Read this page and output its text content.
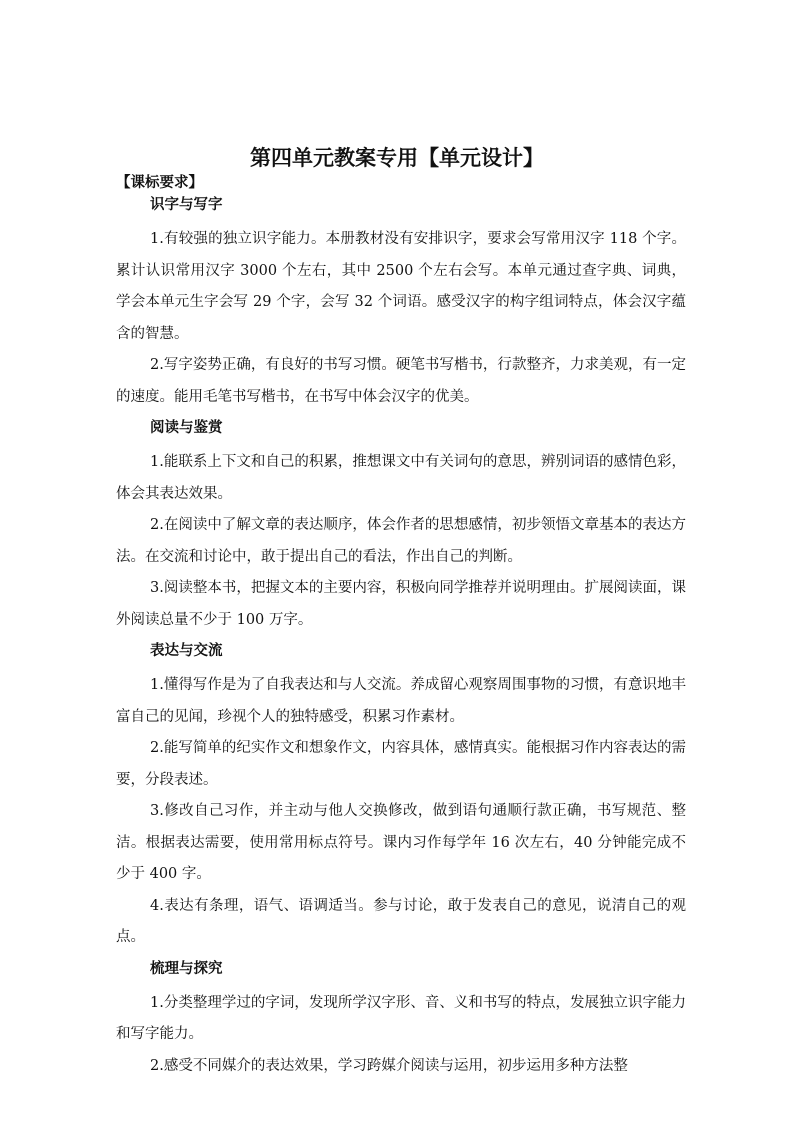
第四单元教案专用【单元设计】
【课标要求】
识字与写字

1.有较强的独立识字能力。本册教材没有安排识字，要求会写常用汉字 118 个字。累计认识常用汉字 3000 个左右，其中 2500 个左右会写。本单元通过查字典、词典，学会本单元生字会写 29 个字，会写 32 个词语。感受汉字的构字组词特点，体会汉字蕴含的智慧。

2.写字姿势正确，有良好的书写习惯。硬笔书写楷书，行款整齐，力求美观，有一定的速度。能用毛笔书写楷书，在书写中体会汉字的优美。

阅读与鉴赏

1.能联系上下文和自己的积累，推想课文中有关词句的意思，辨别词语的感情色彩，体会其表达效果。

2.在阅读中了解文章的表达顺序，体会作者的思想感情，初步领悟文章基本的表达方法。在交流和讨论中，敢于提出自己的看法，作出自己的判断。

3.阅读整本书，把握文本的主要内容，积极向同学推荐并说明理由。扩展阅读面，课外阅读总量不少于 100 万字。

表达与交流

1.懂得写作是为了自我表达和与人交流。养成留心观察周围事物的习惯，有意识地丰富自己的见闻，珍视个人的独特感受，积累习作素材。

2.能写简单的纪实作文和想象作文，内容具体，感情真实。能根据习作内容表达的需要，分段表述。

3.修改自己习作，并主动与他人交换修改，做到语句通顺行款正确，书写规范、整洁。根据表达需要，使用常用标点符号。课内习作每学年 16 次左右，40 分钟能完成不少于 400 字。

4.表达有条理，语气、语调适当。参与讨论，敢于发表自己的意见，说清自己的观点。

梳理与探究

1.分类整理学过的字词，发现所学汉字形、音、义和书写的特点，发展独立识字能力和写字能力。

2.感受不同媒介的表达效果，学习跨媒介阅读与运用，初步运用多种方法整
